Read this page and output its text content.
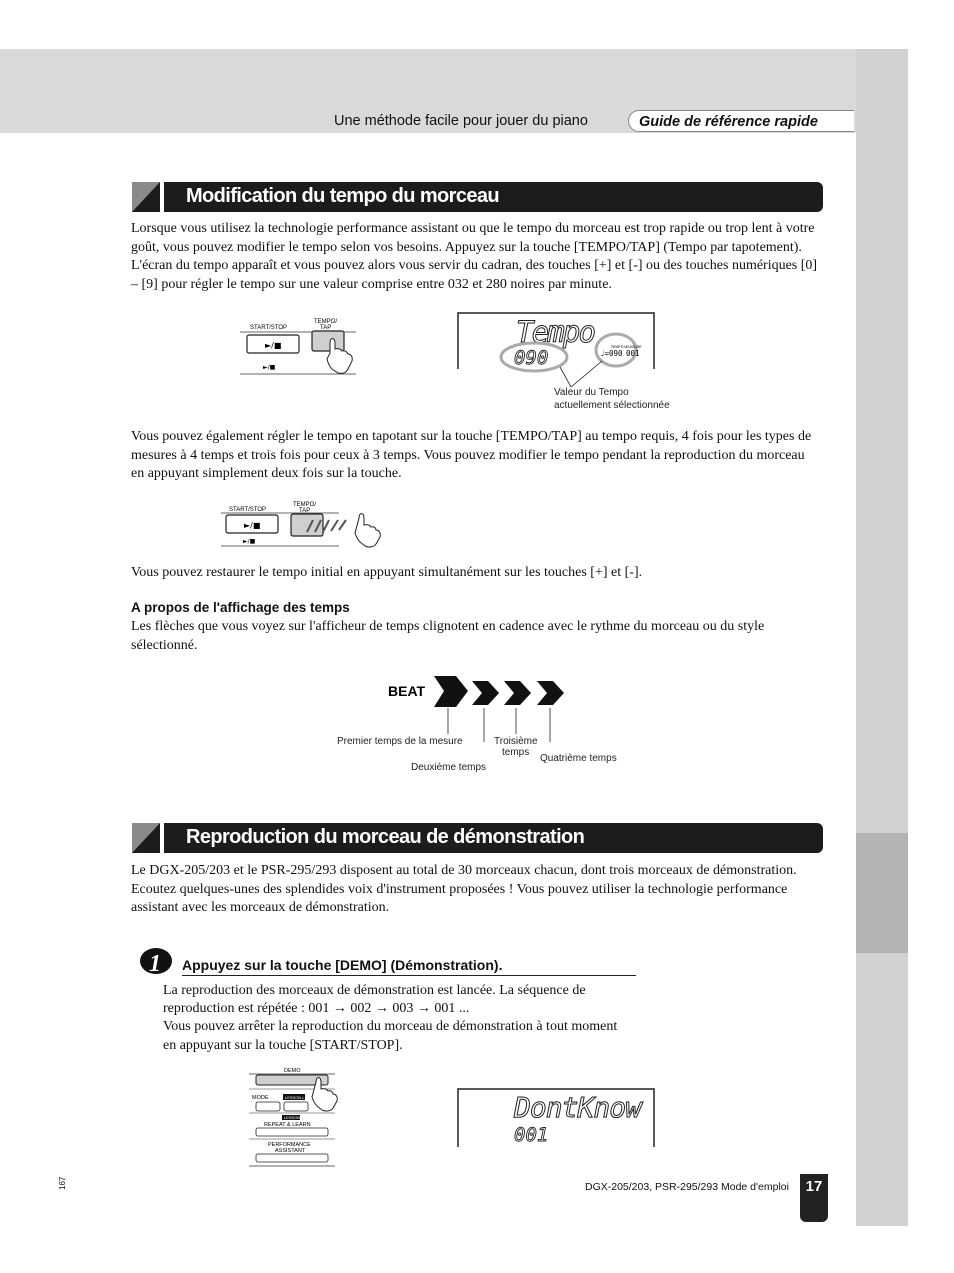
Une méthode facile pour jouer du piano	Guide de référence rapide
Modification du tempo du morceau
Lorsque vous utilisez la technologie performance assistant ou que le tempo du morceau est trop rapide ou trop lent à votre goût, vous pouvez modifier le tempo selon vos besoins. Appuyez sur la touche [TEMPO/TAP] (Tempo par tapotement). L'écran du tempo apparaît et vous pouvez alors vous servir du cadran, des touches [+] et [-] ou des touches numériques [0] – [9] pour régler le tempo sur une valeur comprise entre 032 et 280 noires par minute.
START/STOP
TEMPO/
TAP
►/■
►/■
Tempo
090	TEMPO MEASURE
♩=090 001
Valeur du Tempo
actuellement sélectionnée
Vous pouvez également régler le tempo en tapotant sur la touche [TEMPO/TAP] au tempo requis, 4 fois pour les types de mesures à 4 temps et trois fois pour ceux à 3 temps. Vous pouvez modifier le tempo pendant la reproduction du morceau en appuyant simplement deux fois sur la touche.
START/STOP
TEMPO/
TAP
►/■
►/■
Vous pouvez restaurer le tempo initial en appuyant simultanément sur les touches [+] et [-].
A propos de l'affichage des temps
Les flèches que vous voyez sur l'afficheur de temps clignotent en cadence avec le rythme du morceau ou du style sélectionné.
BEAT
Premier temps de la mesure
Deuxième temps
Troisième
temps
Quatrième temps
Reproduction du morceau de démonstration
Le DGX-205/203 et le PSR-295/293 disposent au total de 30 morceaux chacun, dont trois morceaux de démonstration. Ecoutez quelques-unes des splendides voix d'instrument proposées ! Vous pouvez utiliser la technologie performance assistant avec les morceaux de démonstration.
1 Appuyez sur la touche [DEMO] (Démonstration).

La reproduction des morceaux de démonstration est lancée. La séquence de reproduction est répétée : 001 → 002 → 003 → 001 ...

Vous pouvez arrêter la reproduction du morceau de démonstration à tout moment en appuyant sur la touche [START/STOP].

DEMO
MODE	LESSON L
LESSON
REPEAT & LEARN
PERFORMANCE
ASSISTANT
DontKnow
001
167	DGX-205/203, PSR-295/293 Mode d'emploi	17
